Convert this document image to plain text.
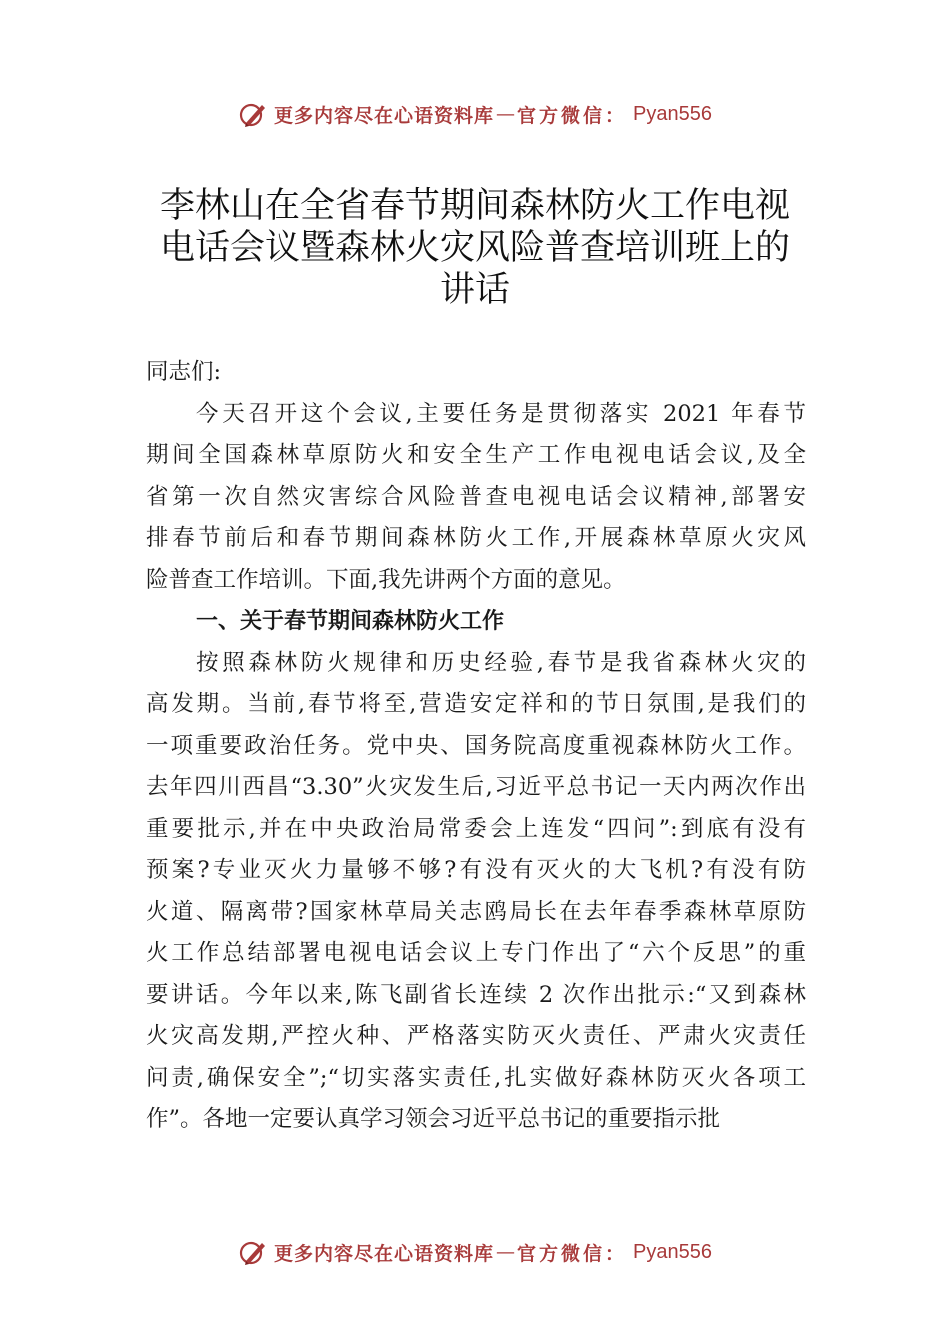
更多内容尽在心语资料库 — 官方微信： Pyan556
李林山在全省春节期间森林防火工作电视
电话会议暨森林火灾风险普查培训班上的
讲话
同志们:
今天召开这个会议,主要任务是贯彻落实 2021 年春节
期间全国森林草原防火和安全生产工作电视电话会议,及全
省第一次自然灾害综合风险普查电视电话会议精神,部署安
排春节前后和春节期间森林防火工作,开展森林草原火灾风
险普查工作培训。下面,我先讲两个方面的意见。
一、关于春节期间森林防火工作
按照森林防火规律和历史经验,春节是我省森林火灾的
高发期。当前,春节将至,营造安定祥和的节日氛围,是我们的
一项重要政治任务。党中央、国务院高度重视森林防火工作。
去年四川西昌“3.30”火灾发生后,习近平总书记一天内两次作出
重要批示,并在中央政治局常委会上连发“四问”:到底有没有
预案?专业灭火力量够不够?有没有灭火的大飞机?有没有防
火道、隔离带?国家林草局关志鸥局长在去年春季森林草原防
火工作总结部署电视电话会议上专门作出了“六个反思”的重
要讲话。今年以来,陈飞副省长连续 2 次作出批示:“又到森林
火灾高发期,严控火种、严格落实防灭火责任、严肃火灾责任
问责,确保安全”;“切实落实责任,扎实做好森林防灭火各项工
作”。各地一定要认真学习领会习近平总书记的重要指示批
更多内容尽在心语资料库 — 官方微信： Pyan556
